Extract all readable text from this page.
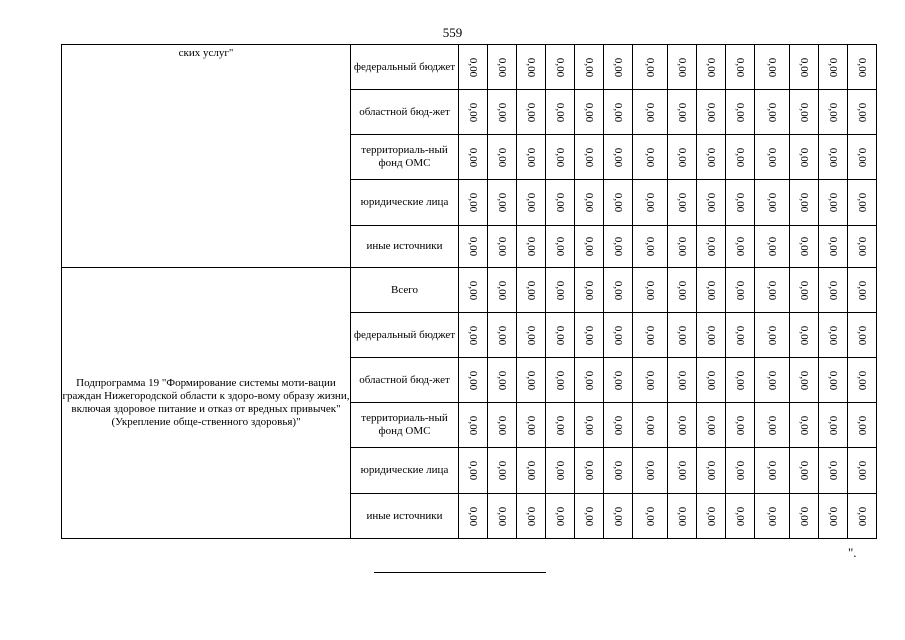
559
ских услуг"	федеральный бюджет	0,00	0,00	0,00	0,00	0,00	0,00	0,00	0,00	0,00	0,00	0,00	0,00	0,00	0,00
	областной бюд-жет	0,00	0,00	0,00	0,00	0,00	0,00	0,00	0,00	0,00	0,00	0,00	0,00	0,00	0,00
	территориаль-ный фонд ОМС	0,00	0,00	0,00	0,00	0,00	0,00	0,00	0,00	0,00	0,00	0,00	0,00	0,00	0,00
	юридические лица	0,00	0,00	0,00	0,00	0,00	0,00	0,00	0,00	0,00	0,00	0,00	0,00	0,00	0,00
	иные источники	0,00	0,00	0,00	0,00	0,00	0,00	0,00	0,00	0,00	0,00	0,00	0,00	0,00	0,00
Подпрограмма 19 "Формирование системы моти-вации граждан Нижегородской области к здоро-вому образу жизни, включая здоровое питание и отказ от вредных привычек" (Укрепление обще-ственного здоровья)"	Всего	0,00	0,00	0,00	0,00	0,00	0,00	0,00	0,00	0,00	0,00	0,00	0,00	0,00	0,00
	федеральный бюджет	0,00	0,00	0,00	0,00	0,00	0,00	0,00	0,00	0,00	0,00	0,00	0,00	0,00	0,00
	областной бюд-жет	0,00	0,00	0,00	0,00	0,00	0,00	0,00	0,00	0,00	0,00	0,00	0,00	0,00	0,00
	территориаль-ный фонд ОМС	0,00	0,00	0,00	0,00	0,00	0,00	0,00	0,00	0,00	0,00	0,00	0,00	0,00	0,00
	юридические лица	0,00	0,00	0,00	0,00	0,00	0,00	0,00	0,00	0,00	0,00	0,00	0,00	0,00	0,00
	иные источники	0,00	0,00	0,00	0,00	0,00	0,00	0,00	0,00	0,00	0,00	0,00	0,00	0,00	0,00
".
